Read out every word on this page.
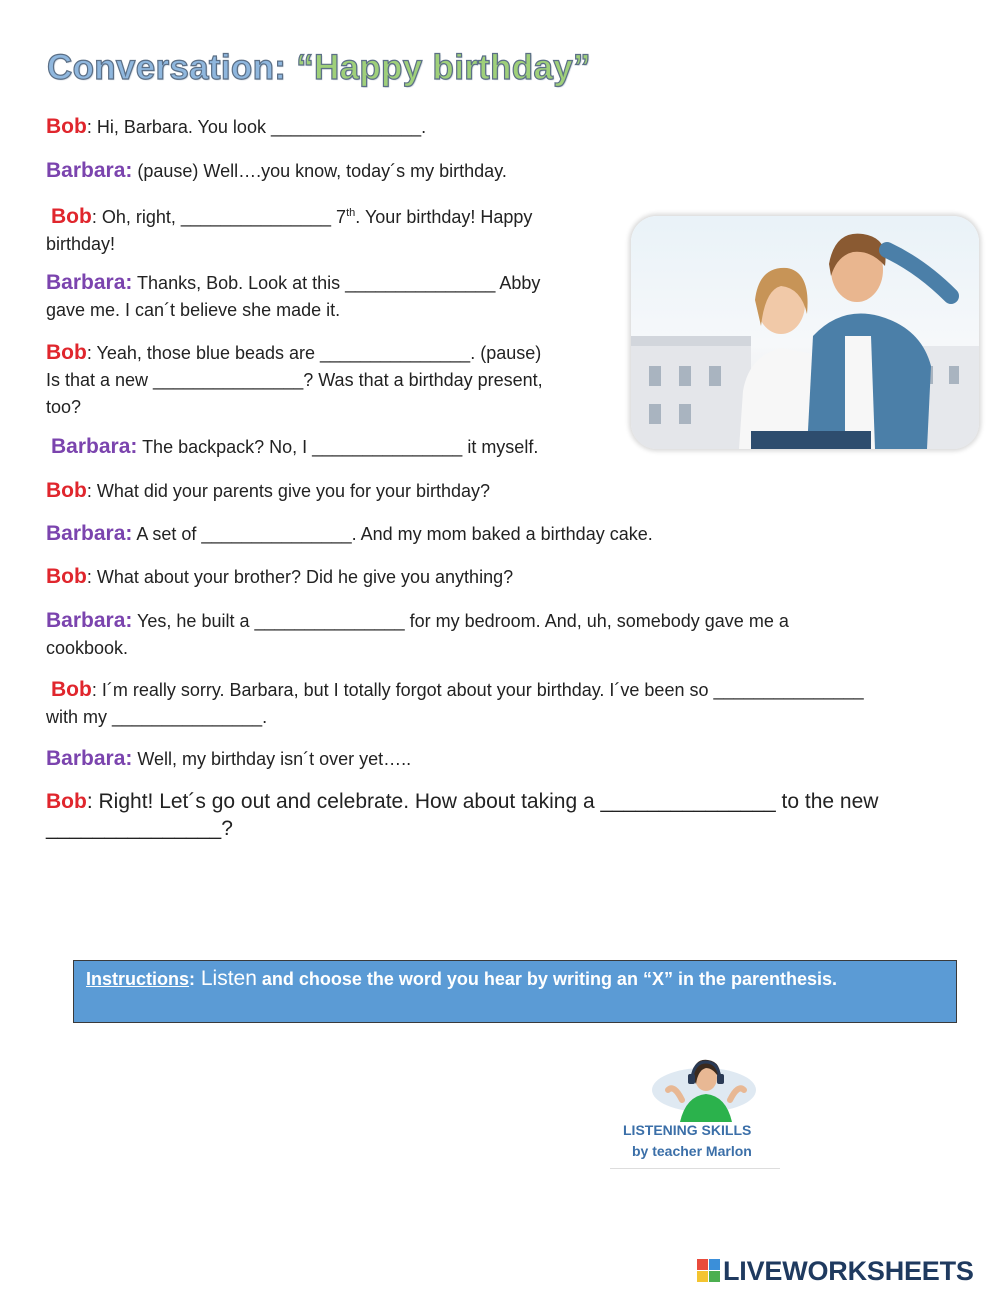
Conversation: “Happy birthday”

Bob: Hi, Barbara. You look _______________.

Barbara: (pause) Well….you know, today´s my birthday.

Bob: Oh, right, _______________ 7th. Your birthday! Happy
birthday!

Barbara: Thanks, Bob. Look at this _______________ Abby
gave me. I can´t believe she made it.

Bob: Yeah, those blue beads are _______________. (pause)
Is that a new _______________? Was that a birthday present,
too?

Barbara: The backpack? No, I _______________ it myself.

Bob: What did your parents give you for your birthday?

Barbara: A set of _______________. And my mom baked a birthday cake.

Bob: What about your brother? Did he give you anything?

Barbara: Yes, he built a _______________ for my bedroom. And, uh, somebody gave me a
cookbook.

Bob: I´m really sorry. Barbara, but I totally forgot about your birthday. I´ve been so _______________
with my _______________.

Barbara: Well, my birthday isn´t over yet…..

Bob: Right! Let´s go out and celebrate. How about taking a _______________ to the new
_______________?

Instructions: Listen and choose the word you hear by writing an “X” in the parenthesis.
LISTENING SKILLS
by teacher Marlon
LIVEWORKSHEETS
